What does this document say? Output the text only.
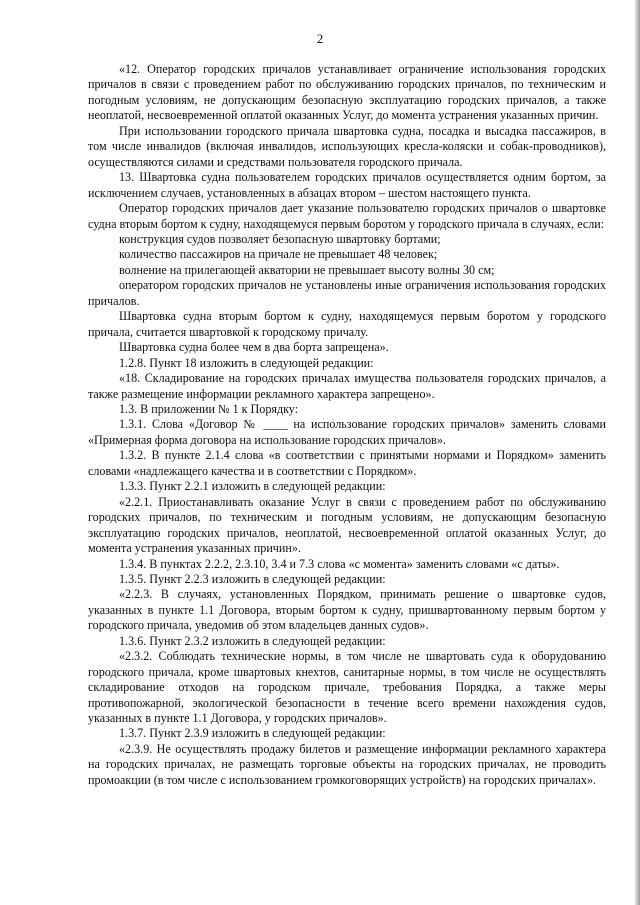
2

«12. Оператор городских причалов устанавливает ограничение использования городских причалов в связи с проведением работ по обслуживанию городских причалов, по техническим и погодным условиям, не допускающим безопасную эксплуатацию городских причалов, а также неоплатой, несвоевременной оплатой оказанных Услуг, до момента устранения указанных причин.

При использовании городского причала швартовка судна, посадка и высадка пассажиров, в том числе инвалидов (включая инвалидов, использующих кресла-коляски и собак-проводников), осуществляются силами и средствами пользователя городского причала.

13. Швартовка судна пользователем городских причалов осуществляется одним бортом, за исключением случаев, установленных в абзацах втором – шестом настоящего пункта.

Оператор городских причалов дает указание пользователю городских причалов о швартовке судна вторым бортом к судну, находящемуся первым боротом у городского причала в случаях, если:

конструкция судов позволяет безопасную швартовку бортами;

количество пассажиров на причале не превышает 48 человек;

волнение на прилегающей акватории не превышает высоту волны 30 см;

оператором городских причалов не установлены иные ограничения использования городских причалов.

Швартовка судна вторым бортом к судну, находящемуся первым боротом у городского причала, считается швартовкой к городскому причалу.

Швартовка судна более чем в два борта запрещена».

1.2.8. Пункт 18 изложить в следующей редакции:

«18. Складирование на городских причалах имущества пользователя городских причалов, а также размещение информации рекламного характера запрещено».

1.3. В приложении № 1 к Порядку:

1.3.1. Слова «Договор № ____ на использование городских причалов» заменить словами «Примерная форма договора на использование городских причалов».

1.3.2. В пункте 2.1.4 слова «в соответствии с принятыми нормами и Порядком» заменить словами «надлежащего качества и в соответствии с Порядком».

1.3.3. Пункт 2.2.1 изложить в следующей редакции:

«2.2.1. Приостанавливать оказание Услуг в связи с проведением работ по обслуживанию городских причалов, по техническим и погодным условиям, не допускающим безопасную эксплуатацию городских причалов, неоплатой, несвоевременной оплатой оказанных Услуг, до момента устранения указанных причин».

1.3.4. В пунктах 2.2.2, 2.3.10, 3.4 и 7.3 слова «с момента» заменить словами «с даты».

1.3.5. Пункт 2.2.3 изложить в следующей редакции:

«2.2.3. В случаях, установленных Порядком, принимать решение о швартовке судов, указанных в пункте 1.1 Договора, вторым бортом к судну, пришвартованному первым бортом у городского причала, уведомив об этом владельцев данных судов».

1.3.6. Пункт 2.3.2 изложить в следующей редакции:

«2.3.2. Соблюдать технические нормы, в том числе не швартовать суда к оборудованию городского причала, кроме швартовых кнехтов, санитарные нормы, в том числе не осуществлять складирование отходов на городском причале, требования Порядка, а также меры противопожарной, экологической безопасности в течение всего времени нахождения судов, указанных в пункте 1.1 Договора, у городских причалов».

1.3.7. Пункт 2.3.9 изложить в следующей редакции:

«2.3.9. Не осуществлять продажу билетов и размещение информации рекламного характера на городских причалах, не размещать торговые объекты на городских причалах, не проводить промоакции (в том числе с использованием громкоговорящих устройств) на городских причалах».
